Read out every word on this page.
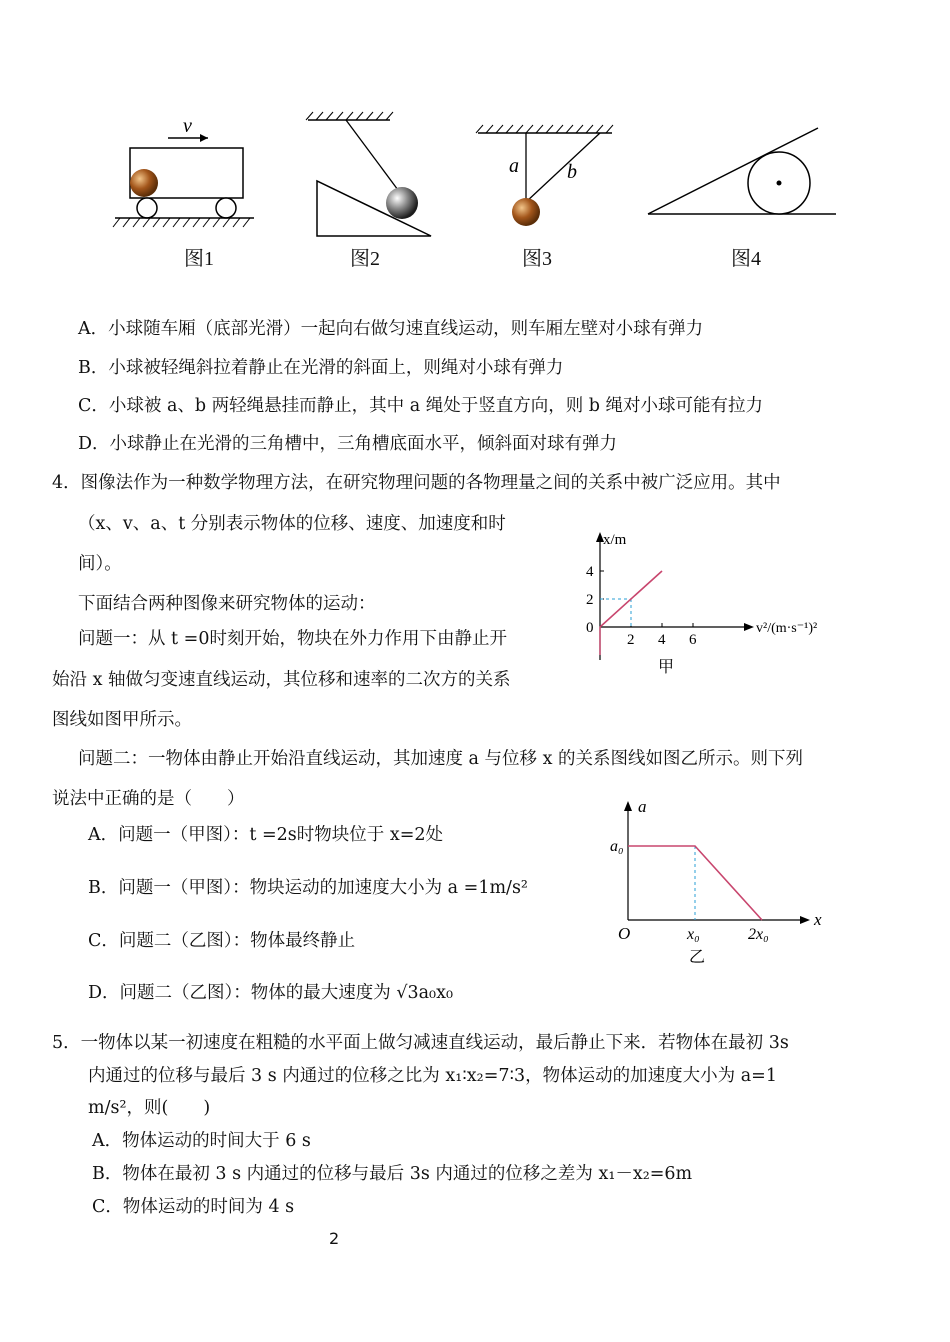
v
a b
图1	图2	图3	图4
A．小球随车厢（底部光滑）一起向右做匀速直线运动，则车厢左壁对小球有弹力
B．小球被轻绳斜拉着静止在光滑的斜面上，则绳对小球有弹力
C．小球被 a、b 两轻绳悬挂而静止，其中 a 绳处于竖直方向，则 b 绳对小球可能有拉力
D．小球静止在光滑的三角槽中，三角槽底面水平，倾斜面对球有弹力
4．图像法作为一种数学物理方法，在研究物理问题的各物理量之间的关系中被广泛应用。其中
（x、v、a、t 分别表示物体的位移、速度、加速度和时
间）。
下面结合两种图像来研究物体的运动：
问题一：从 t =0时刻开始，物块在外力作用下由静止开
始沿 x 轴做匀变速直线运动，其位移和速率的二次方的关系
图线如图甲所示。
问题二：一物体由静止开始沿直线运动，其加速度 a 与位移 x 的关系图线如图乙所示。则下列
说法中正确的是（　　）
A．问题一（甲图）：t =2s时物块位于 x=2处
B．问题一（甲图）：物块运动的加速度大小为 a =1m/s²
C．问题二（乙图）：物体最终静止
D．问题二（乙图）：物体的最大速度为 √3a₀x₀
x/m
v²/(m·s⁻¹)²
0
2 4 6
2
4
甲
a
x
O
a₀
x₀	2x₀
乙
5．一物体以某一初速度在粗糙的水平面上做匀减速直线运动，最后静止下来．若物体在最初 3s
内通过的位移与最后 3 s 内通过的位移之比为 x₁∶x₂=7∶3，物体运动的加速度大小为 a=1
m/s²，则(　　)
A．物体运动的时间大于 6 s
B．物体在最初 3 s 内通过的位移与最后 3s 内通过的位移之差为 x₁－x₂=6m
C．物体运动的时间为 4 s
2
